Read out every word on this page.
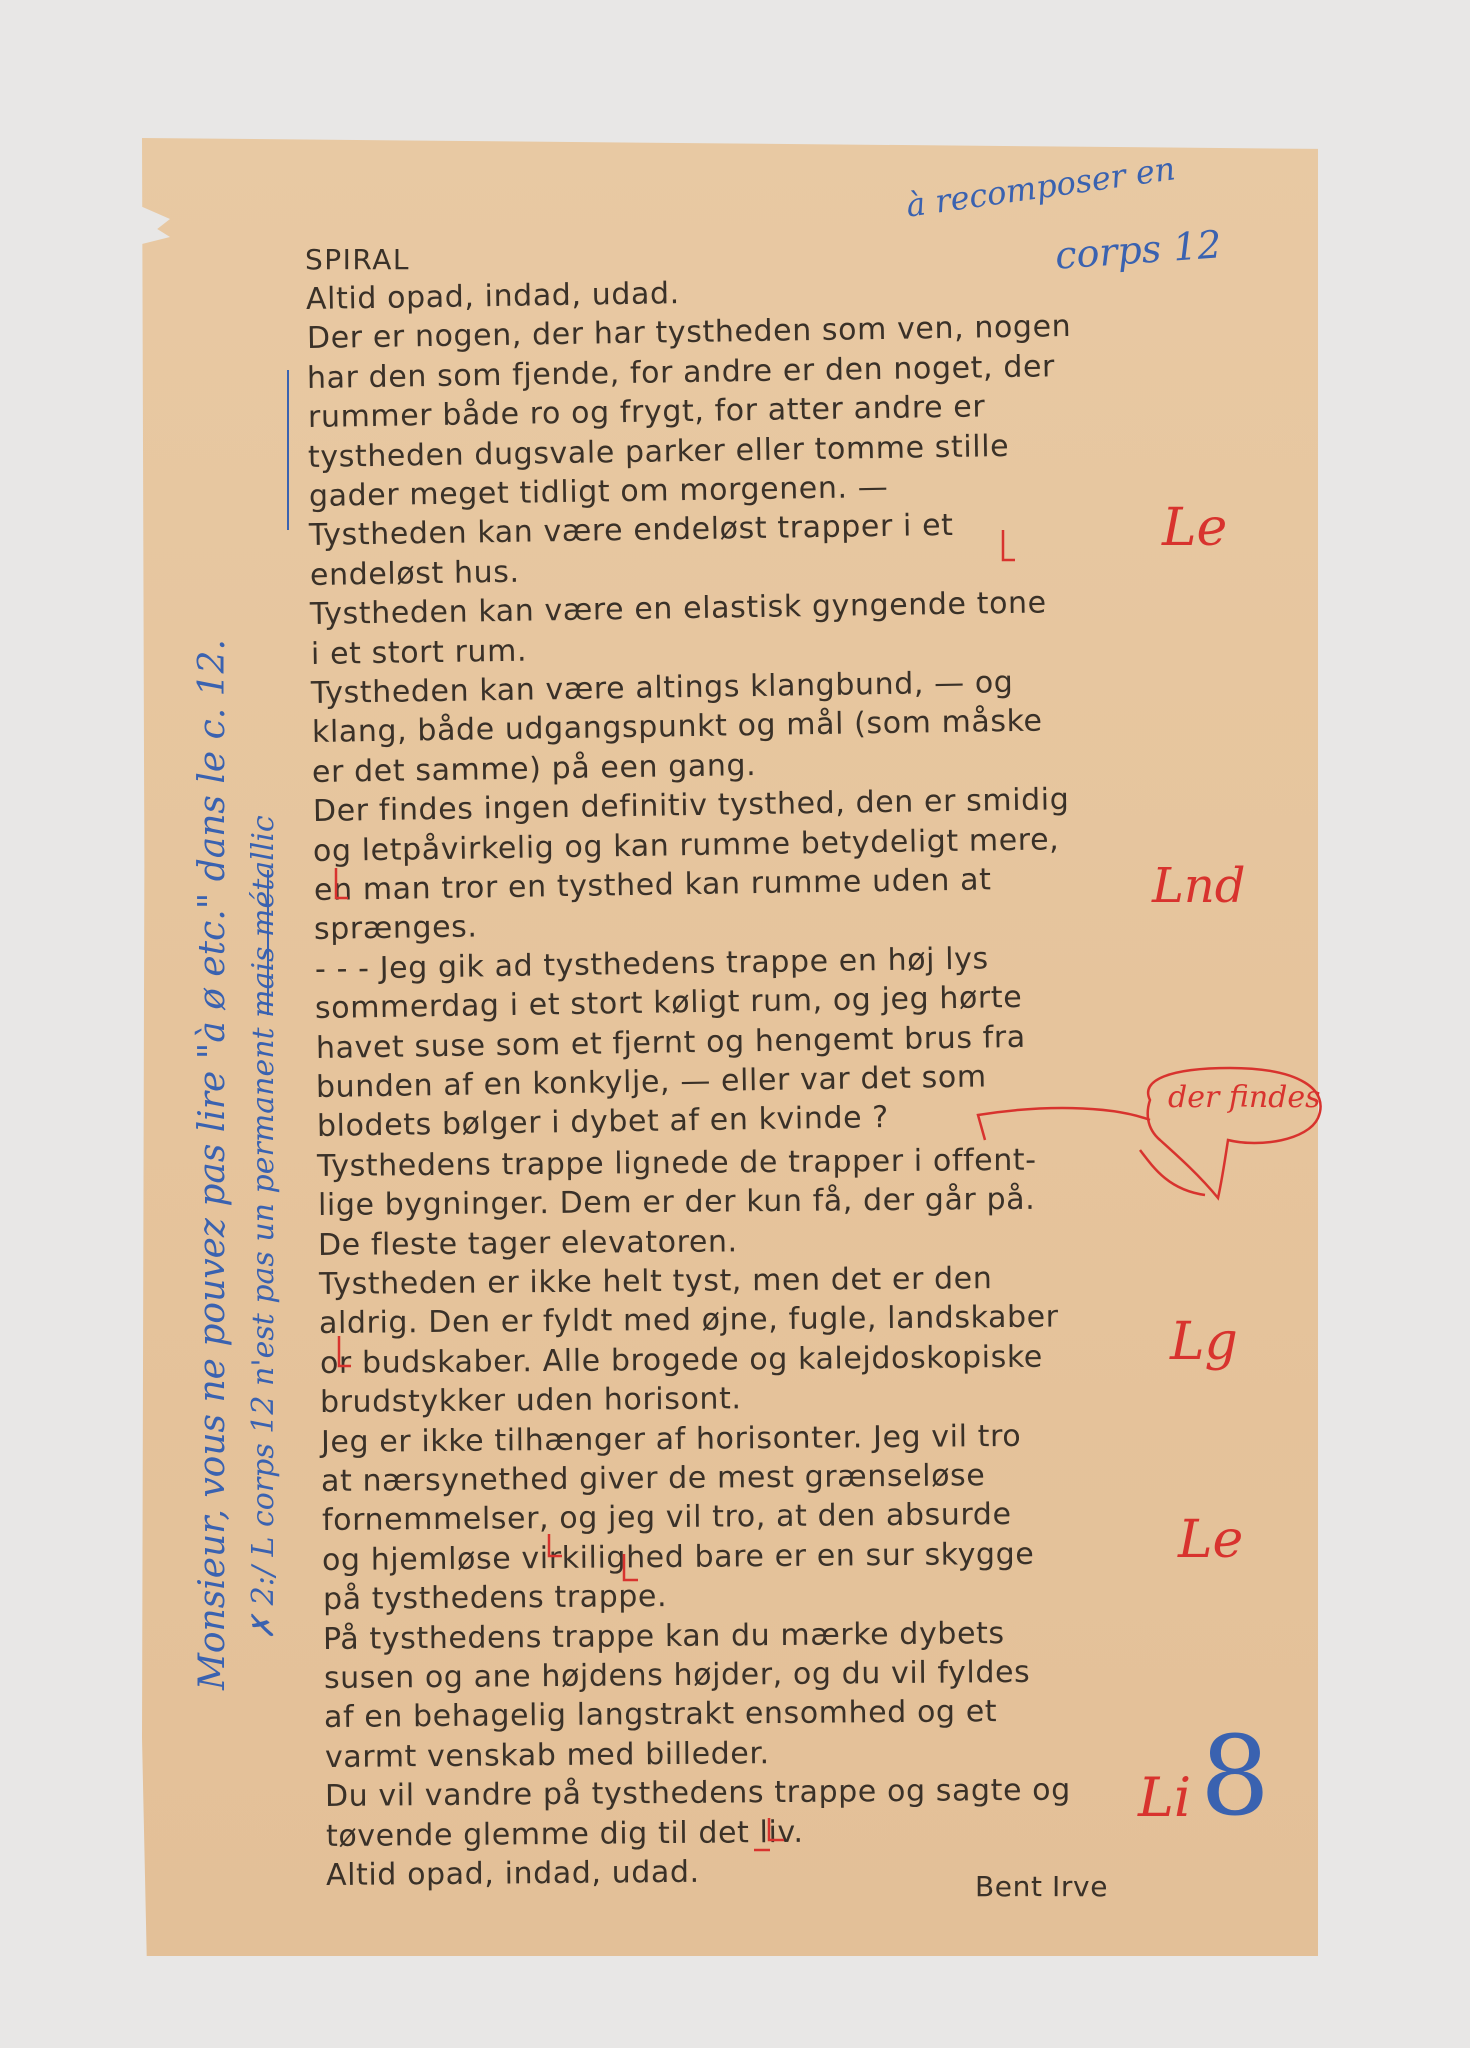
SPIRAL
Altid opad, indad, udad.
Der er nogen, der har tystheden som ven, nogen
har den som fjende, for andre er den noget, der
rummer både ro og frygt, for atter andre er
tystheden dugsvale parker eller tomme stille
gader meget tidligt om morgenen. —
Tystheden kan være endeløst trapper i et
endeløst hus.
Tystheden kan være en elastisk gyngende tone
i et stort rum.
Tystheden kan være altings klangbund, — og
klang, både udgangspunkt og mål (som måske
er det samme) på een gang.
Der findes ingen definitiv tysthed, den er smidig
og letpåvirkelig og kan rumme betydeligt mere,
en man tror en tysthed kan rumme uden at
sprænges.
- - - Jeg gik ad tysthedens trappe en høj lys
sommerdag i et stort køligt rum, og jeg hørte
havet suse som et fjernt og hengemt brus fra
bunden af en konkylje, — eller var det som
blodets bølger i dybet af en kvinde ?
Tysthedens trappe lignede de trapper i offent-
lige bygninger. Dem er der kun få, der går på.
De fleste tager elevatoren.
Tystheden er ikke helt tyst, men det er den
aldrig. Den er fyldt med øjne, fugle, landskaber
or budskaber. Alle brogede og kalejdoskopiske
brudstykker uden horisont.
Jeg er ikke tilhænger af horisonter. Jeg vil tro
at nærsynethed giver de mest grænseløse
fornemmelser, og jeg vil tro, at den absurde
og hjemløse virkilighed bare er en sur skygge
på tysthedens trappe.
På tysthedens trappe kan du mærke dybets
susen og ane højdens højder, og du vil fyldes
af en behagelig langstrakt ensomhed og et
varmt venskab med billeder.
Du vil vandre på tysthedens trappe og sagte og
tøvende glemme dig til det liv.
Altid opad, indad, udad.	Bent Irve
à recomposer en
corps 12
Monsieur, vous ne pouvez pas lire "à ø etc." dans le c. 12. ✗ 2:/ L corps 12 n'est pas un permanent mais métallic
Le
Lnd
der findes
Lg
Le
Li 8
